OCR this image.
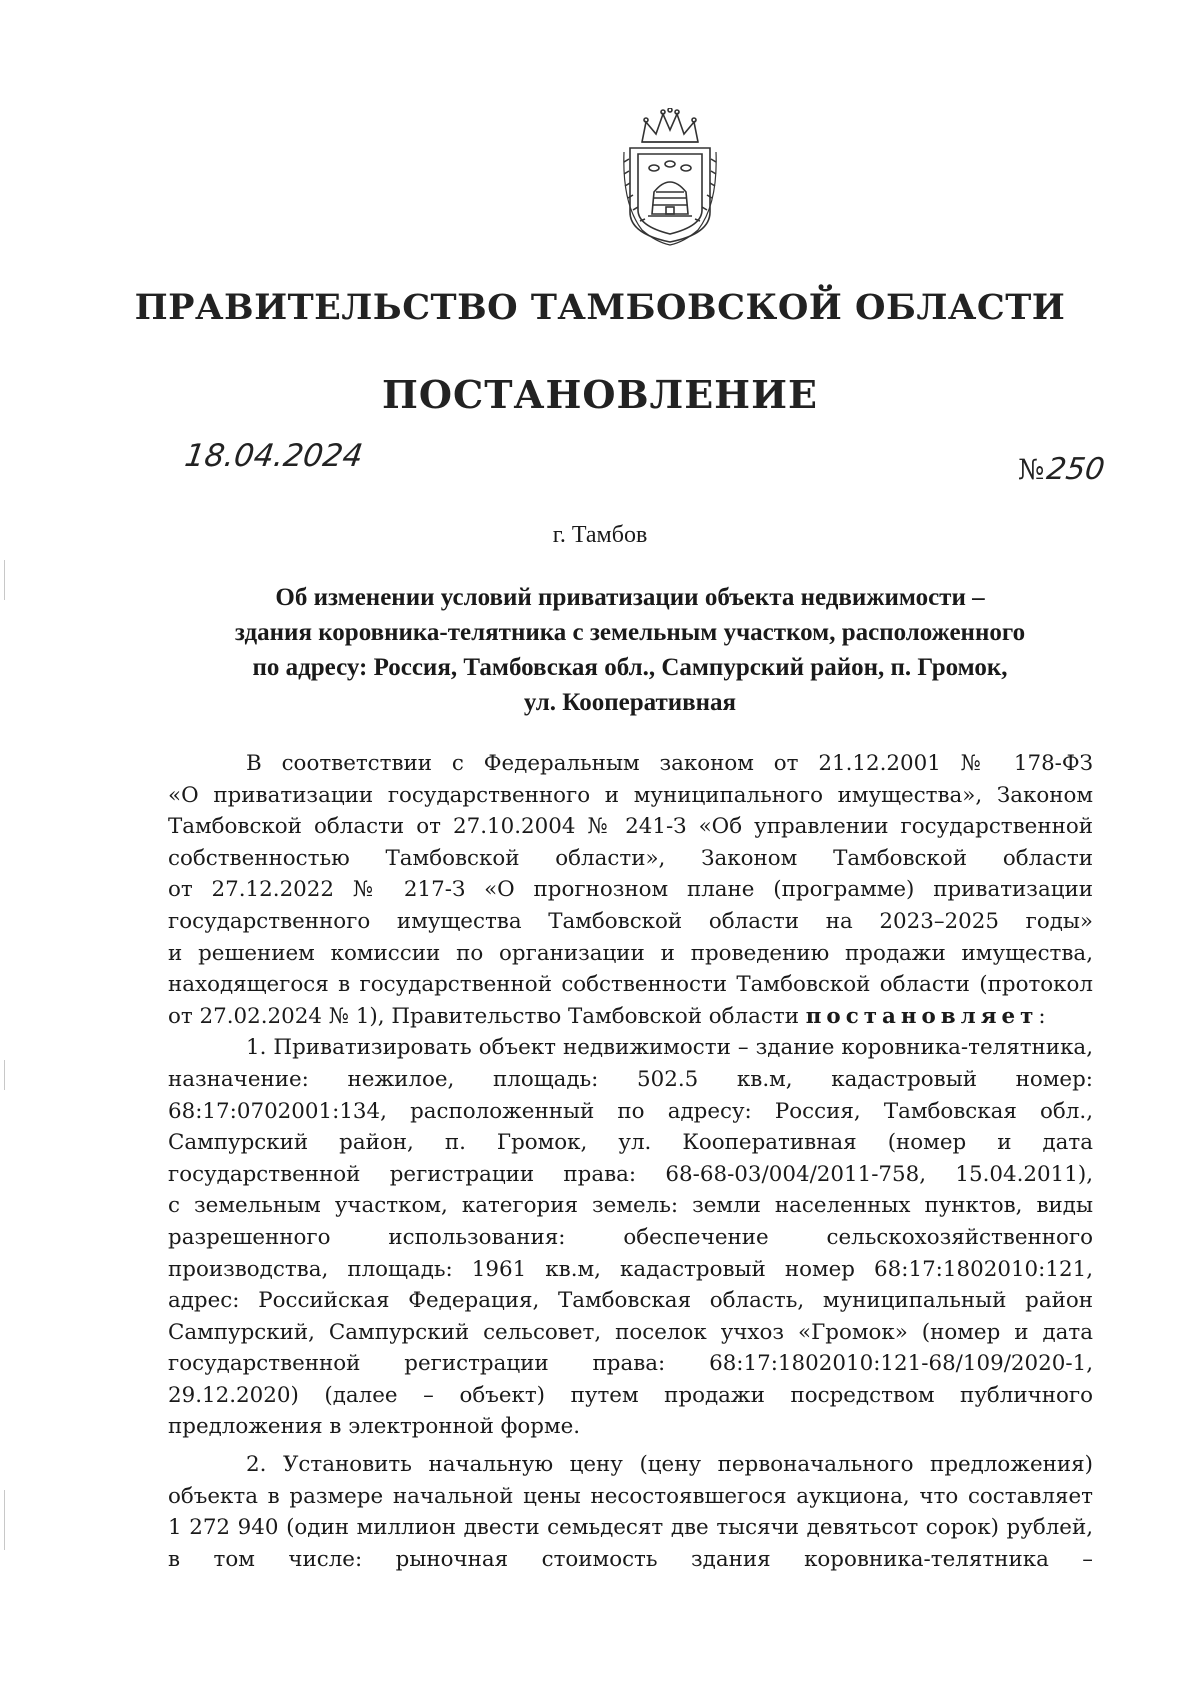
ПРАВИТЕЛЬСТВО ТАМБОВСКОЙ ОБЛАСТИ
ПОСТАНОВЛЕНИЕ
18.04.2024	№250
г. Тамбов
Об изменении условий приватизации объекта недвижимости –
здания коровника-телятника с земельным участком, расположенного
по адресу: Россия, Тамбовская обл., Сампурский район, п. Громок,
ул. Кооперативная
В соответствии с Федеральным законом от 21.12.2001 № 178-ФЗ
«О приватизации государственного и муниципального имущества», Законом
Тамбовской области от 27.10.2004 № 241-З «Об управлении государственной
собственностью Тамбовской области», Законом Тамбовской области
от 27.12.2022 № 217-З «О прогнозном плане (программе) приватизации
государственного имущества Тамбовской области на 2023–2025 годы»
и решением комиссии по организации и проведению продажи имущества,
находящегося в государственной собственности Тамбовской области (протокол
от 27.02.2024 № 1), Правительство Тамбовской области постановляет:
1. Приватизировать объект недвижимости – здание коровника-телятника,
назначение: нежилое, площадь: 502.5 кв.м, кадастровый номер:
68:17:0702001:134, расположенный по адресу: Россия, Тамбовская обл.,
Сампурский район, п. Громок, ул. Кооперативная (номер и дата
государственной регистрации права: 68-68-03/004/2011-758, 15.04.2011),
с земельным участком, категория земель: земли населенных пунктов, виды
разрешенного использования: обеспечение сельскохозяйственного
производства, площадь: 1961 кв.м, кадастровый номер 68:17:1802010:121,
адрес: Российская Федерация, Тамбовская область, муниципальный район
Сампурский, Сампурский сельсовет, поселок учхоз «Громок» (номер и дата
государственной регистрации права: 68:17:1802010:121-68/109/2020-1,
29.12.2020) (далее – объект) путем продажи посредством публичного
предложения в электронной форме.
2. Установить начальную цену (цену первоначального предложения)
объекта в размере начальной цены несостоявшегося аукциона, что составляет
1 272 940 (один миллион двести семьдесят две тысячи девятьсот сорок) рублей,
в том числе: рыночная стоимость здания коровника-телятника –
